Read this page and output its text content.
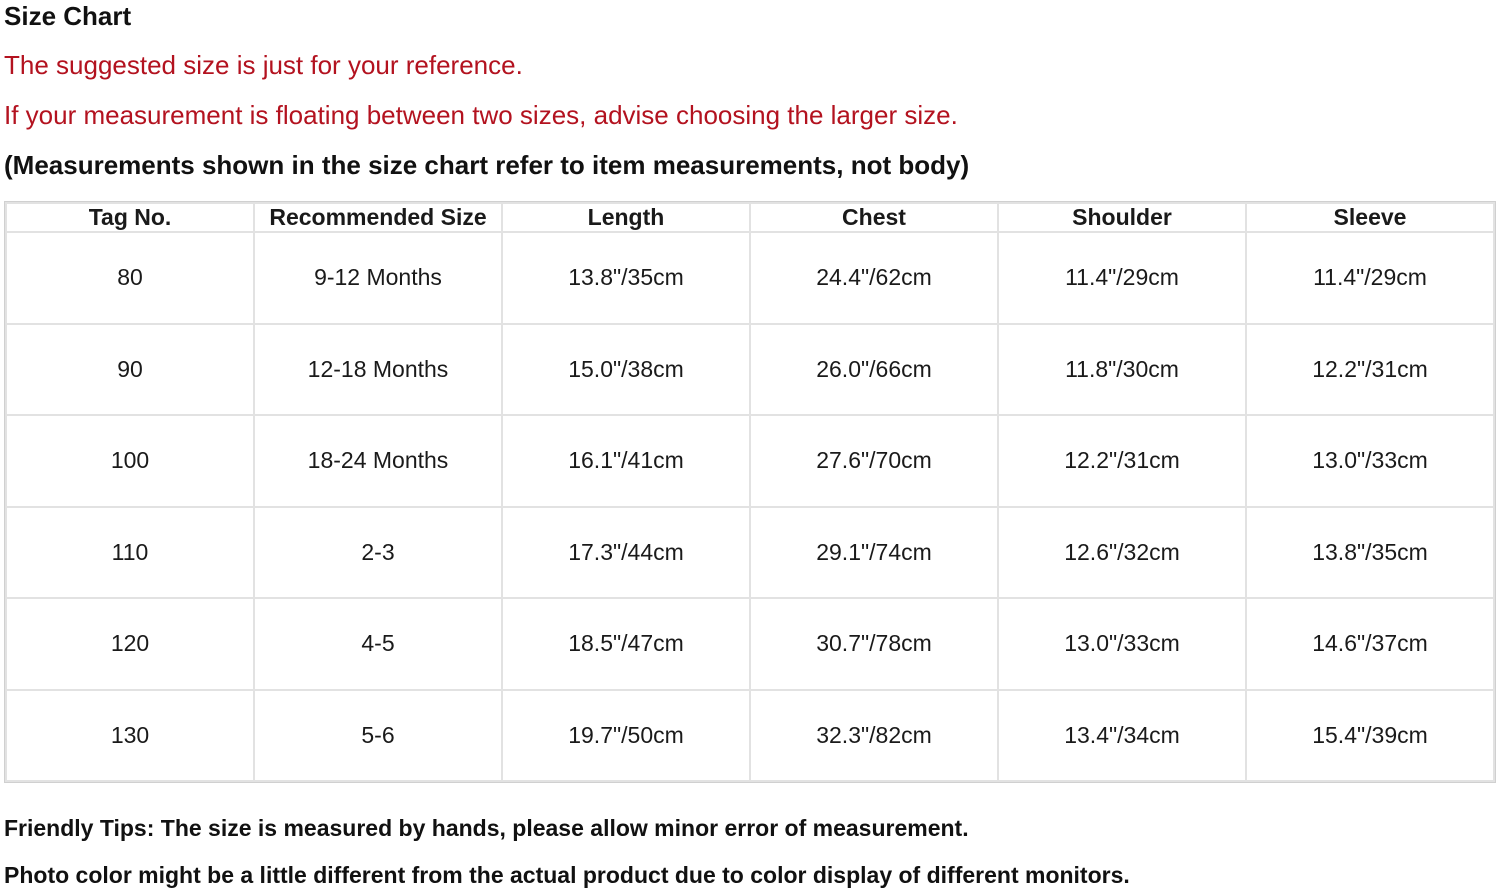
Size Chart

The suggested size is just for your reference.

If your measurement is floating between two sizes, advise choosing the larger size.

(Measurements shown in the size chart refer to item measurements, not body)

Tag No.	Recommended Size	Length	Chest	Shoulder	Sleeve
80	9-12 Months	13.8"/35cm	24.4"/62cm	11.4"/29cm	11.4"/29cm
90	12-18 Months	15.0"/38cm	26.0"/66cm	11.8"/30cm	12.2"/31cm
100	18-24 Months	16.1"/41cm	27.6"/70cm	12.2"/31cm	13.0"/33cm
110	2-3	17.3"/44cm	29.1"/74cm	12.6"/32cm	13.8"/35cm
120	4-5	18.5"/47cm	30.7"/78cm	13.0"/33cm	14.6"/37cm
130	5-6	19.7"/50cm	32.3"/82cm	13.4"/34cm	15.4"/39cm

Friendly Tips: The size is measured by hands, please allow minor error of measurement.

Photo color might be a little different from the actual product due to color display of different monitors.
